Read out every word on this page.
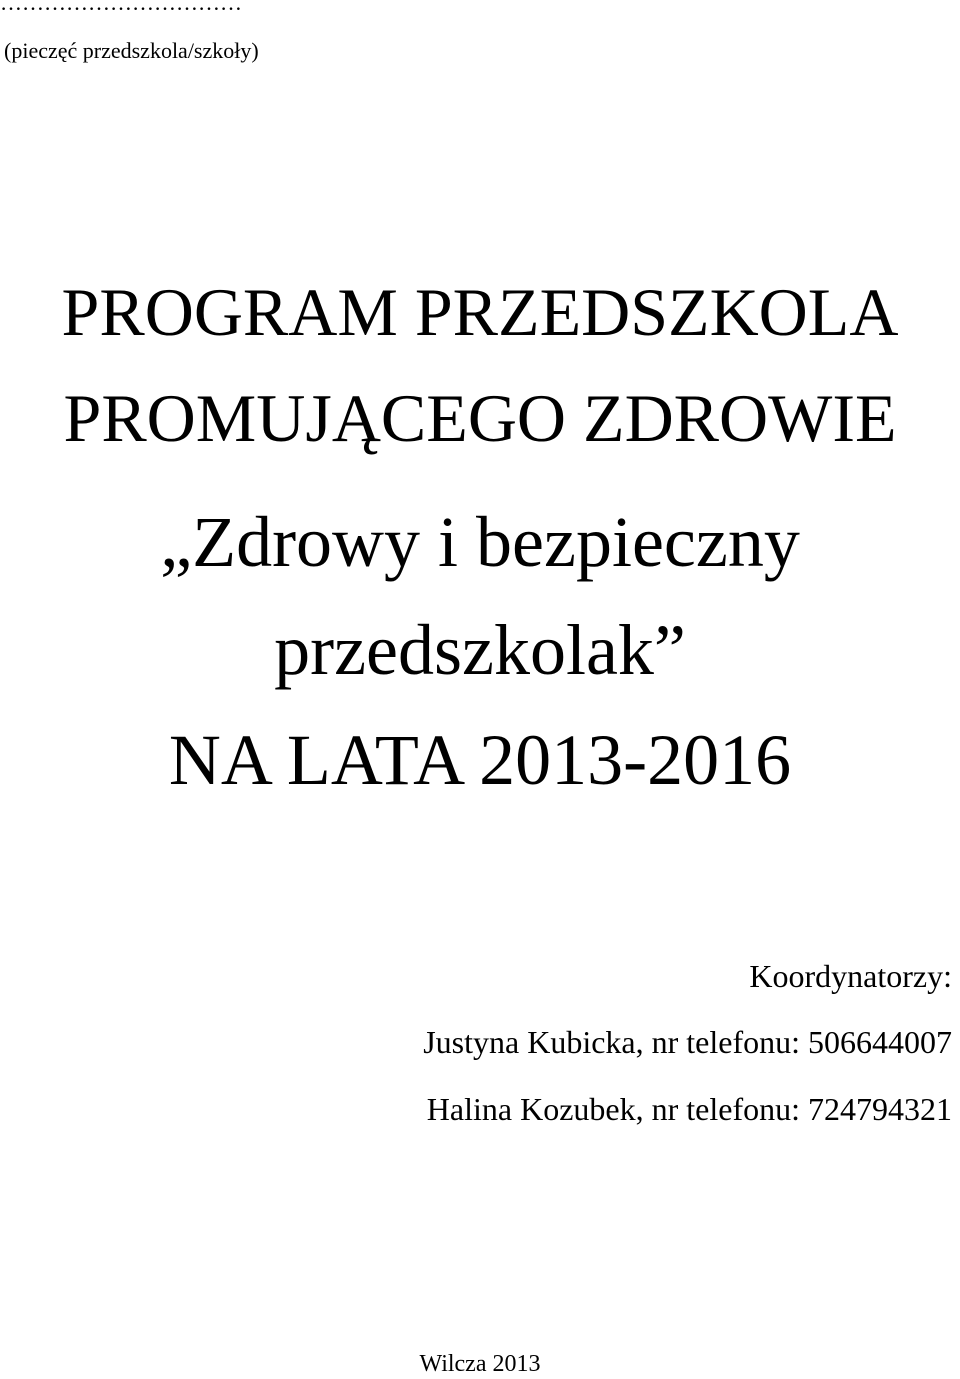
……………………………
(pieczęć przedszkola/szkoły)
PROGRAM PRZEDSZKOLA
PROMUJĄCEGO ZDROWIE
„Zdrowy i bezpieczny
przedszkolak”
NA LATA 2013-2016
Koordynatorzy:
Justyna Kubicka, nr telefonu: 506644007
Halina Kozubek, nr telefonu: 724794321
Wilcza 2013
